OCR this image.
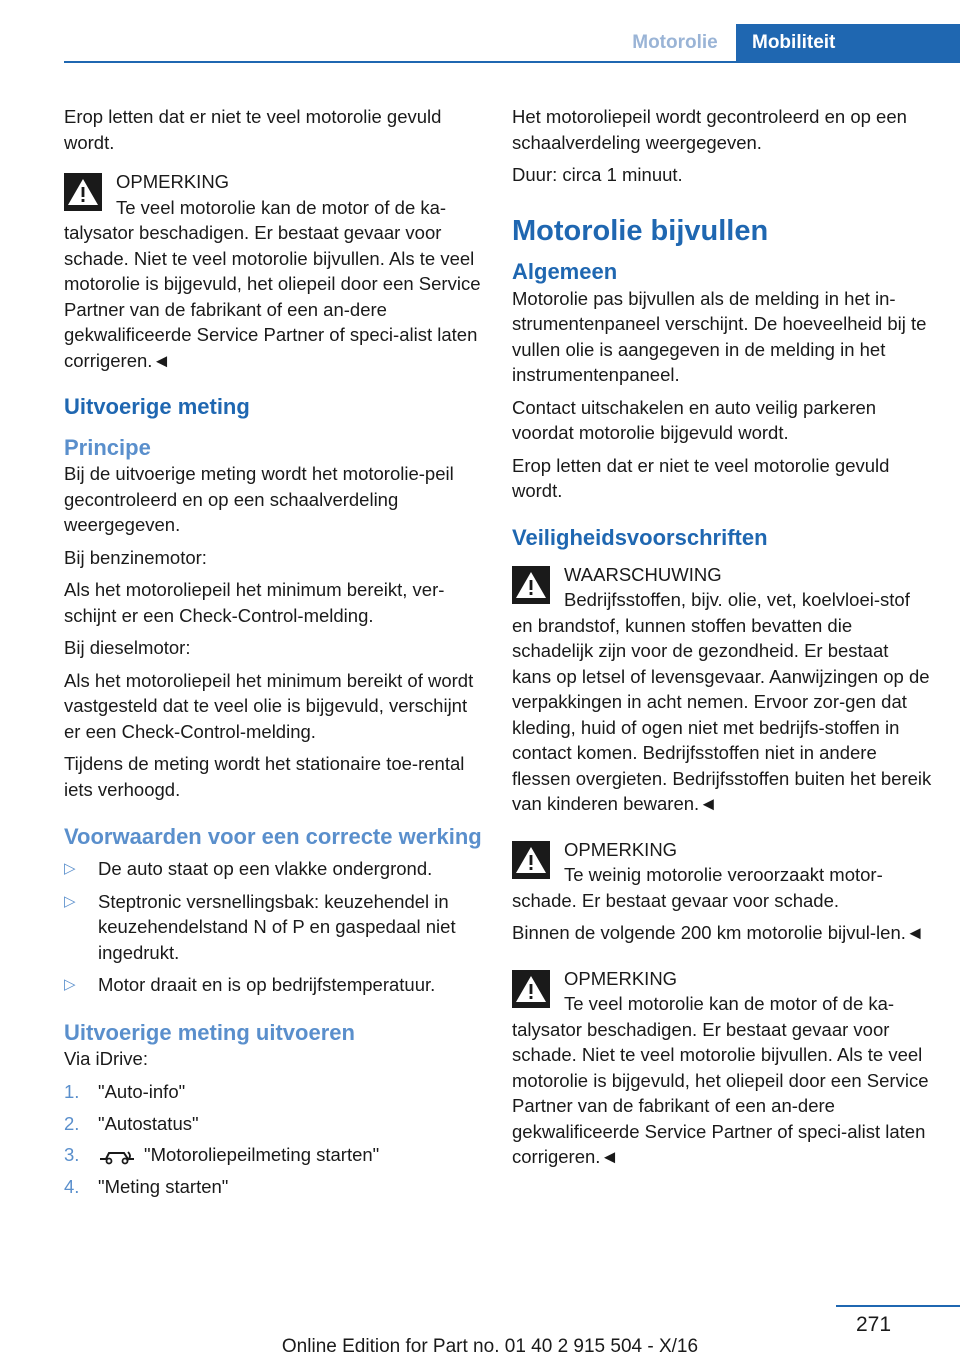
Motorolie	Mobiliteit

Erop letten dat er niet te veel motorolie gevuld wordt.

OPMERKING
Te veel motorolie kan de motor of de ka-talysator beschadigen. Er bestaat gevaar voor schade. Niet te veel motorolie bijvullen. Als te veel motorolie is bijgevuld, het oliepeil door een Service Partner van de fabrikant of een an-dere gekwalificeerde Service Partner of speci-alist laten corrigeren.◄
Uitvoerige meting
Principe

Bij de uitvoerige meting wordt het motorolie-peil gecontroleerd en op een schaalverdeling weergegeven.

Bij benzinemotor:

Als het motoroliepeil het minimum bereikt, ver-schijnt er een Check-Control-melding.

Bij dieselmotor:

Als het motoroliepeil het minimum bereikt of wordt vastgesteld dat te veel olie is bijgevuld, verschijnt er een Check-Control-melding.

Tijdens de meting wordt het stationaire toe-rental iets verhoogd.

Voorwaarden voor een correcte werking
▷ De auto staat op een vlakke ondergrond.
▷ Steptronic versnellingsbak: keuzehendel in keuzehendelstand N of P en gaspedaal niet ingedrukt.
▷ Motor draait en is op bedrijfstemperatuur.
Uitvoerige meting uitvoeren

Via iDrive:

1. "Auto-info"
2. "Autostatus"
3.	"Motoroliepeilmeting starten"
4. "Meting starten"

Het motoroliepeil wordt gecontroleerd en op een schaalverdeling weergegeven.

Duur: circa 1 minuut.

Motorolie bijvullen
Algemeen

Motorolie pas bijvullen als de melding in het in-strumentenpaneel verschijnt. De hoeveelheid bij te vullen olie is aangegeven in de melding in het instrumentenpaneel.

Contact uitschakelen en auto veilig parkeren voordat motorolie bijgevuld wordt.

Erop letten dat er niet te veel motorolie gevuld wordt.

Veiligheidsvoorschriften
WAARSCHUWING
Bedrijfsstoffen, bijv. olie, vet, koelvloei-stof en brandstof, kunnen stoffen bevatten die schadelijk zijn voor de gezondheid. Er bestaat kans op letsel of levensgevaar. Aanwijzingen op de verpakkingen in acht nemen. Ervoor zor-gen dat kleding, huid of ogen niet met bedrijfs-stoffen in contact komen. Bedrijfsstoffen niet in andere flessen overgieten. Bedrijfsstoffen buiten het bereik van kinderen bewaren.◄
OPMERKING
Te weinig motorolie veroorzaakt motor-schade. Er bestaat gevaar voor schade.

Binnen de volgende 200 km motorolie bijvul-len.◄

OPMERKING
Te veel motorolie kan de motor of de ka-talysator beschadigen. Er bestaat gevaar voor schade. Niet te veel motorolie bijvullen. Als te veel motorolie is bijgevuld, het oliepeil door een Service Partner van de fabrikant of een an-dere gekwalificeerde Service Partner of speci-alist laten corrigeren.◄
271
Online Edition for Part no. 01 40 2 915 504 - X/16
